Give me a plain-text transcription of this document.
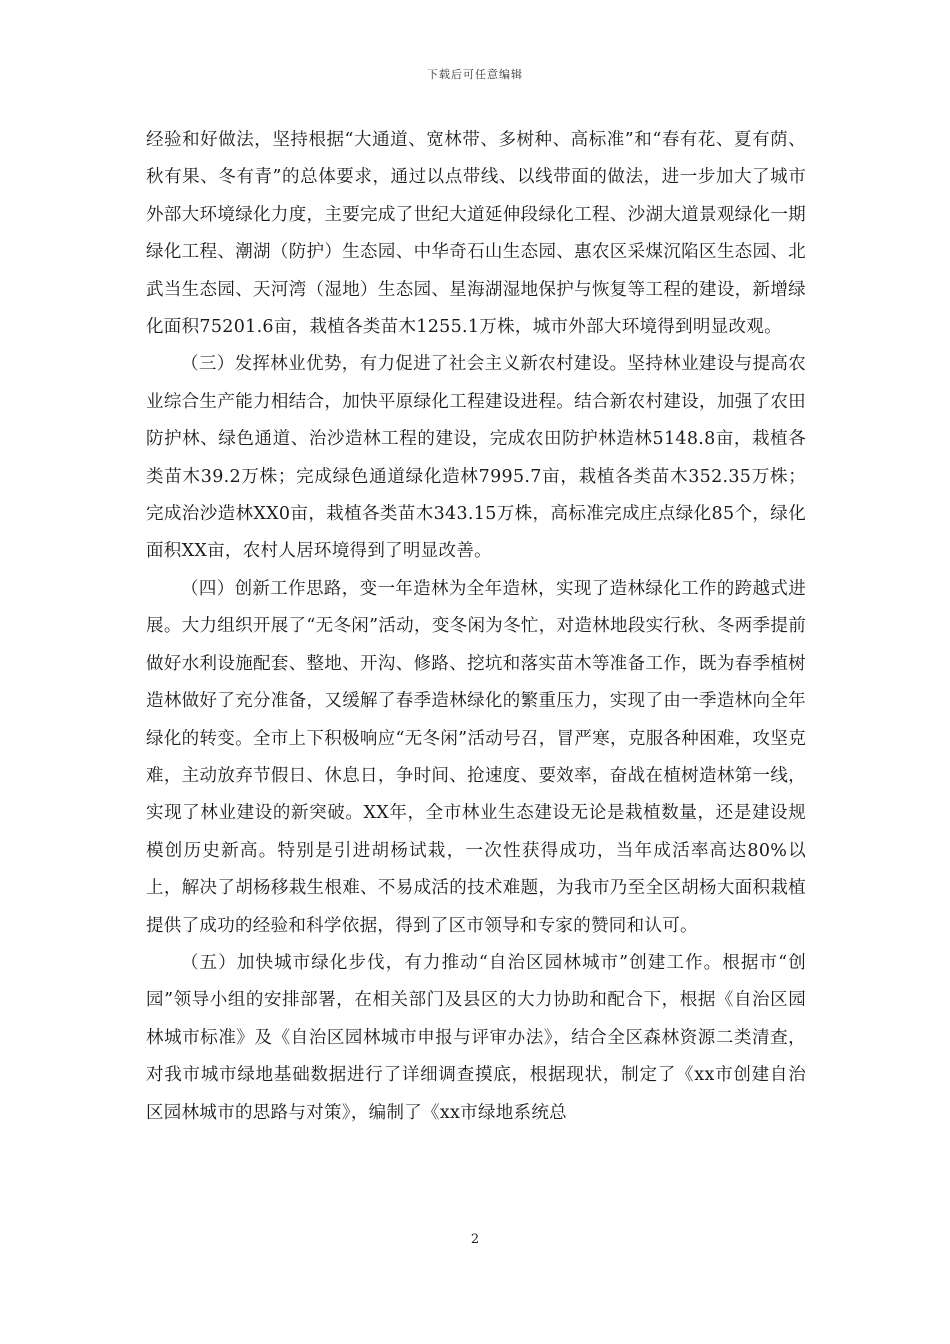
下载后可任意编辑

经验和好做法，坚持根据“大通道、宽林带、多树种、高标准”和“春有花、夏有荫、秋有果、冬有青”的总体要求，通过以点带线、以线带面的做法，进一步加大了城市外部大环境绿化力度，主要完成了世纪大道延伸段绿化工程、沙湖大道景观绿化一期绿化工程、潮湖（防护）生态园、中华奇石山生态园、惠农区采煤沉陷区生态园、北武当生态园、天河湾（湿地）生态园、星海湖湿地保护与恢复等工程的建设，新增绿化面积75201.6亩，栽植各类苗木1255.1万株，城市外部大环境得到明显改观。

（三）发挥林业优势，有力促进了社会主义新农村建设。坚持林业建设与提高农业综合生产能力相结合，加快平原绿化工程建设进程。结合新农村建设，加强了农田防护林、绿色通道、治沙造林工程的建设，完成农田防护林造林5148.8亩，栽植各类苗木39.2万株；完成绿色通道绿化造林7995.7亩，栽植各类苗木352.35万株；完成治沙造林XX0亩，栽植各类苗木343.15万株，高标准完成庄点绿化85个，绿化面积XX亩，农村人居环境得到了明显改善。

（四）创新工作思路，变一年造林为全年造林，实现了造林绿化工作的跨越式进展。大力组织开展了“无冬闲”活动，变冬闲为冬忙，对造林地段实行秋、冬两季提前做好水利设施配套、整地、开沟、修路、挖坑和落实苗木等准备工作，既为春季植树造林做好了充分准备，又缓解了春季造林绿化的繁重压力，实现了由一季造林向全年绿化的转变。全市上下积极响应“无冬闲”活动号召，冒严寒，克服各种困难，攻坚克难，主动放弃节假日、休息日，争时间、抢速度、要效率，奋战在植树造林第一线，实现了林业建设的新突破。XX年，全市林业生态建设无论是栽植数量，还是建设规模创历史新高。特别是引进胡杨试栽，一次性获得成功，当年成活率高达80%以上，解决了胡杨移栽生根难、不易成活的技术难题，为我市乃至全区胡杨大面积栽植提供了成功的经验和科学依据，得到了区市领导和专家的赞同和认可。

（五）加快城市绿化步伐，有力推动“自治区园林城市”创建工作。根据市“创园”领导小组的安排部署，在相关部门及县区的大力协助和配合下，根据《自治区园林城市标准》及《自治区园林城市申报与评审办法》，结合全区森林资源二类清查，对我市城市绿地基础数据进行了详细调查摸底，根据现状，制定了《xx市创建自治区园林城市的思路与对策》，编制了《xx市绿地系统总

2
